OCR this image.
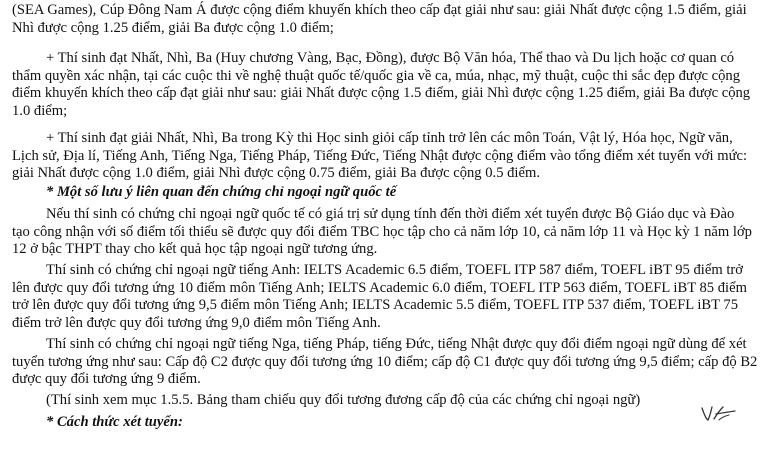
(SEA Games), Cúp Đông Nam Á được cộng điểm khuyến khích theo cấp đạt giải như sau: giải Nhất được cộng 1.5 điểm, giải
Nhì được cộng 1.25 điểm, giải Ba được cộng 1.0 điểm;

+ Thí sinh đạt Nhất, Nhì, Ba (Huy chương Vàng, Bạc, Đồng), được Bộ Văn hóa, Thể thao và Du lịch hoặc cơ quan có
thẩm quyền xác nhận, tại các cuộc thi về nghệ thuật quốc tế/quốc gia về ca, múa, nhạc, mỹ thuật, cuộc thi sắc đẹp được cộng
điểm khuyến khích theo cấp đạt giải như sau: giải Nhất được cộng 1.5 điểm, giải Nhì được cộng 1.25 điểm, giải Ba được cộng
1.0 điểm;

+ Thí sinh đạt giải Nhất, Nhì, Ba trong Kỳ thi Học sinh giỏi cấp tỉnh trở lên các môn Toán, Vật lý, Hóa học, Ngữ văn,
Lịch sử, Địa lí, Tiếng Anh, Tiếng Nga, Tiếng Pháp, Tiếng Đức, Tiếng Nhật được cộng điểm vào tổng điểm xét tuyển với mức:
giải Nhất được cộng 1.0 điểm, giải Nhì được cộng 0.75 điểm, giải Ba được cộng 0.5 điểm.

* Một số lưu ý liên quan đến chứng chỉ ngoại ngữ quốc tế

Nếu thí sinh có chứng chỉ ngoại ngữ quốc tế có giá trị sử dụng tính đến thời điểm xét tuyển được Bộ Giáo dục và Đào
tạo công nhận với số điểm tối thiểu sẽ được quy đổi điểm TBC học tập cho cả năm lớp 10, cả năm lớp 11 và Học kỳ 1 năm lớp
12 ở bậc THPT thay cho kết quả học tập ngoại ngữ tương ứng.

Thí sinh có chứng chỉ ngoại ngữ tiếng Anh: IELTS Academic 6.5 điểm, TOEFL ITP 587 điểm, TOEFL iBT 95 điểm trở
lên được quy đổi tương ứng 10 điểm môn Tiếng Anh; IELTS Academic 6.0 điểm, TOEFL ITP 563 điểm, TOEFL iBT 85 điểm
trở lên được quy đổi tương ứng 9,5 điểm môn Tiếng Anh; IELTS Academic 5.5 điểm, TOEFL ITP 537 điểm, TOEFL iBT 75
điểm trở lên được quy đổi tương ứng 9,0 điểm môn Tiếng Anh.

Thí sinh có chứng chỉ ngoại ngữ tiếng Nga, tiếng Pháp, tiếng Đức, tiếng Nhật được quy đổi điểm ngoại ngữ dùng để xét
tuyển tương ứng như sau: Cấp độ C2 được quy đổi tương ứng 10 điểm; cấp độ C1 được quy đổi tương ứng 9,5 điểm; cấp độ B2
được quy đổi tương ứng 9 điểm.

(Thí sinh xem mục 1.5.5. Bảng tham chiếu quy đổi tương đương cấp độ của các chứng chỉ ngoại ngữ)

* Cách thức xét tuyển:
